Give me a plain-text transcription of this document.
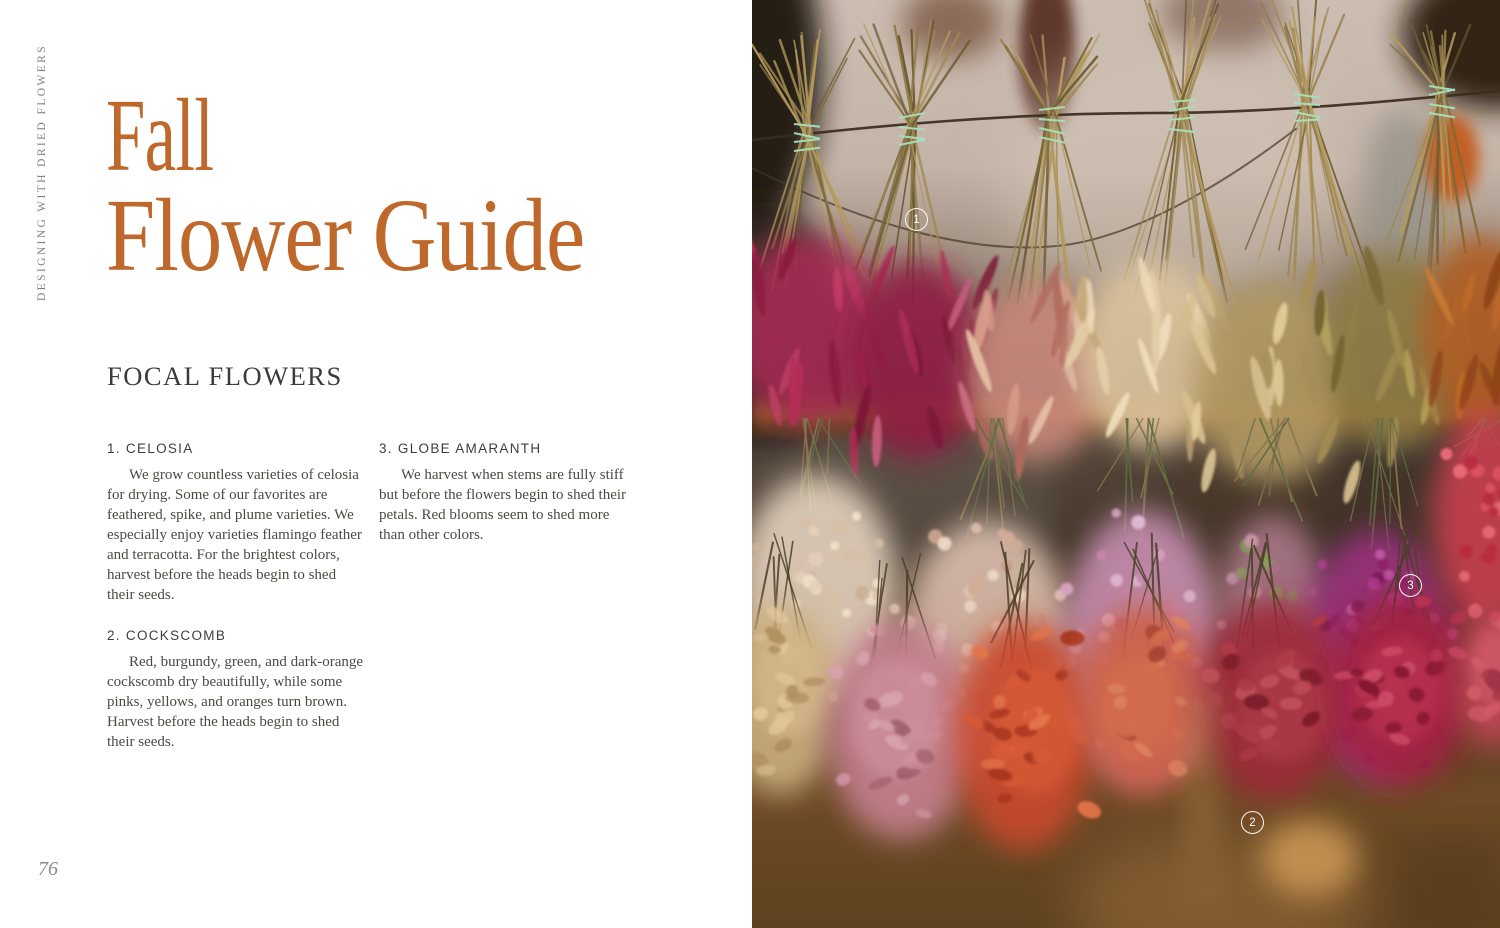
DESIGNING WITH DRIED FLOWERS Fall
Flower Guide
FOCAL FLOWERS
1. CELOSIA

We grow countless varieties of celosia for drying. Some of our favorites are feathered, spike, and plume varieties. We especially enjoy varieties flamingo feather and terracotta. For the brightest colors, harvest before the heads begin to shed their seeds.

2. COCKSCOMB

Red, burgundy, green, and dark-orange cockscomb dry beautifully, while some pinks, yellows, and oranges turn brown. Harvest before the heads begin to shed their seeds.

3. GLOBE AMARANTH

We harvest when stems are fully stiff but before the flowers begin to shed their petals. Red blooms seem to shed more than other colors.

76
1
2
3
